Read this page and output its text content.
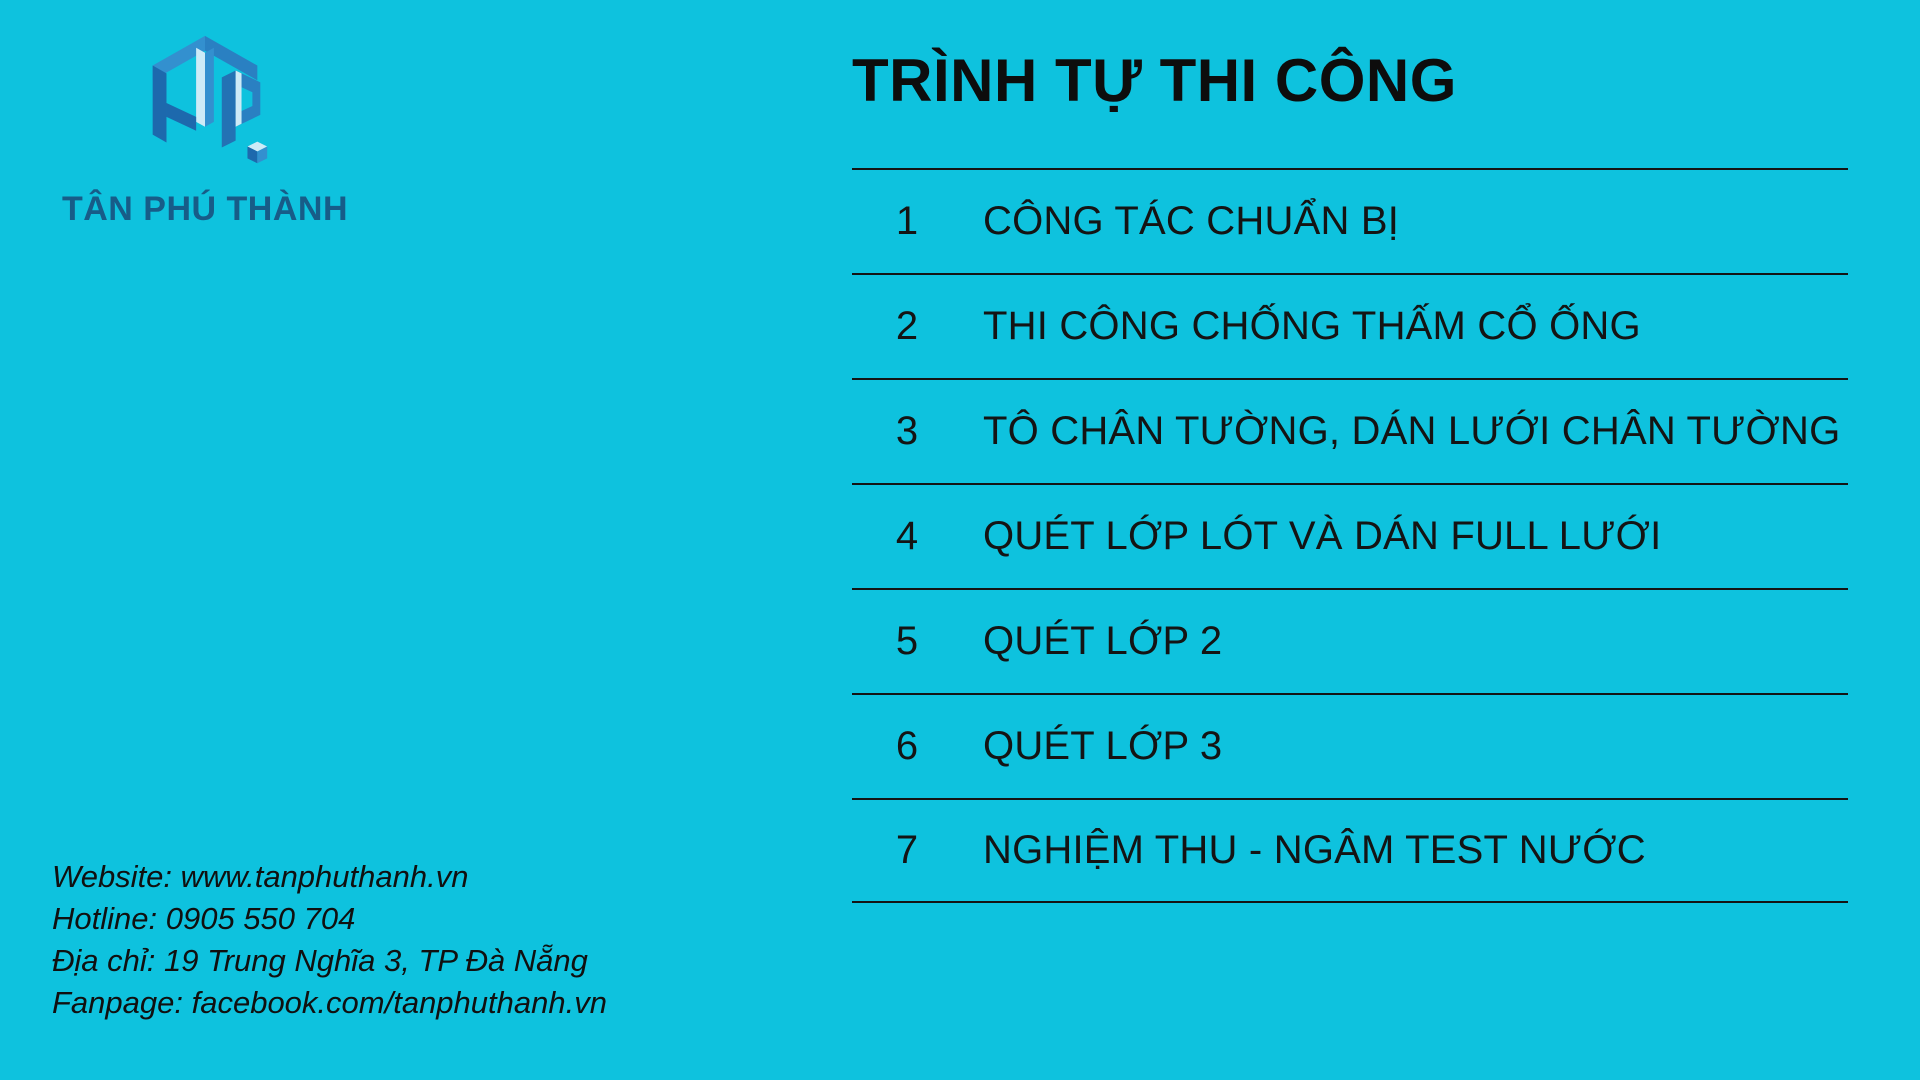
TÂN PHÚ THÀNH
TRÌNH TỰ THI CÔNG
1	CÔNG TÁC CHUẨN BỊ
2	THI CÔNG CHỐNG THẤM CỔ ỐNG
3	TÔ CHÂN TƯỜNG, DÁN LƯỚI CHÂN TƯỜNG
4	QUÉT LỚP LÓT VÀ DÁN FULL LƯỚI
5	QUÉT LỚP 2
6	QUÉT LỚP 3
7	NGHIỆM THU - NGÂM TEST NƯỚC
Website: www.tanphuthanh.vn
Hotline: 0905 550 704
Địa chỉ: 19 Trung Nghĩa 3, TP Đà Nẵng
Fanpage: facebook.com/tanphuthanh.vn
